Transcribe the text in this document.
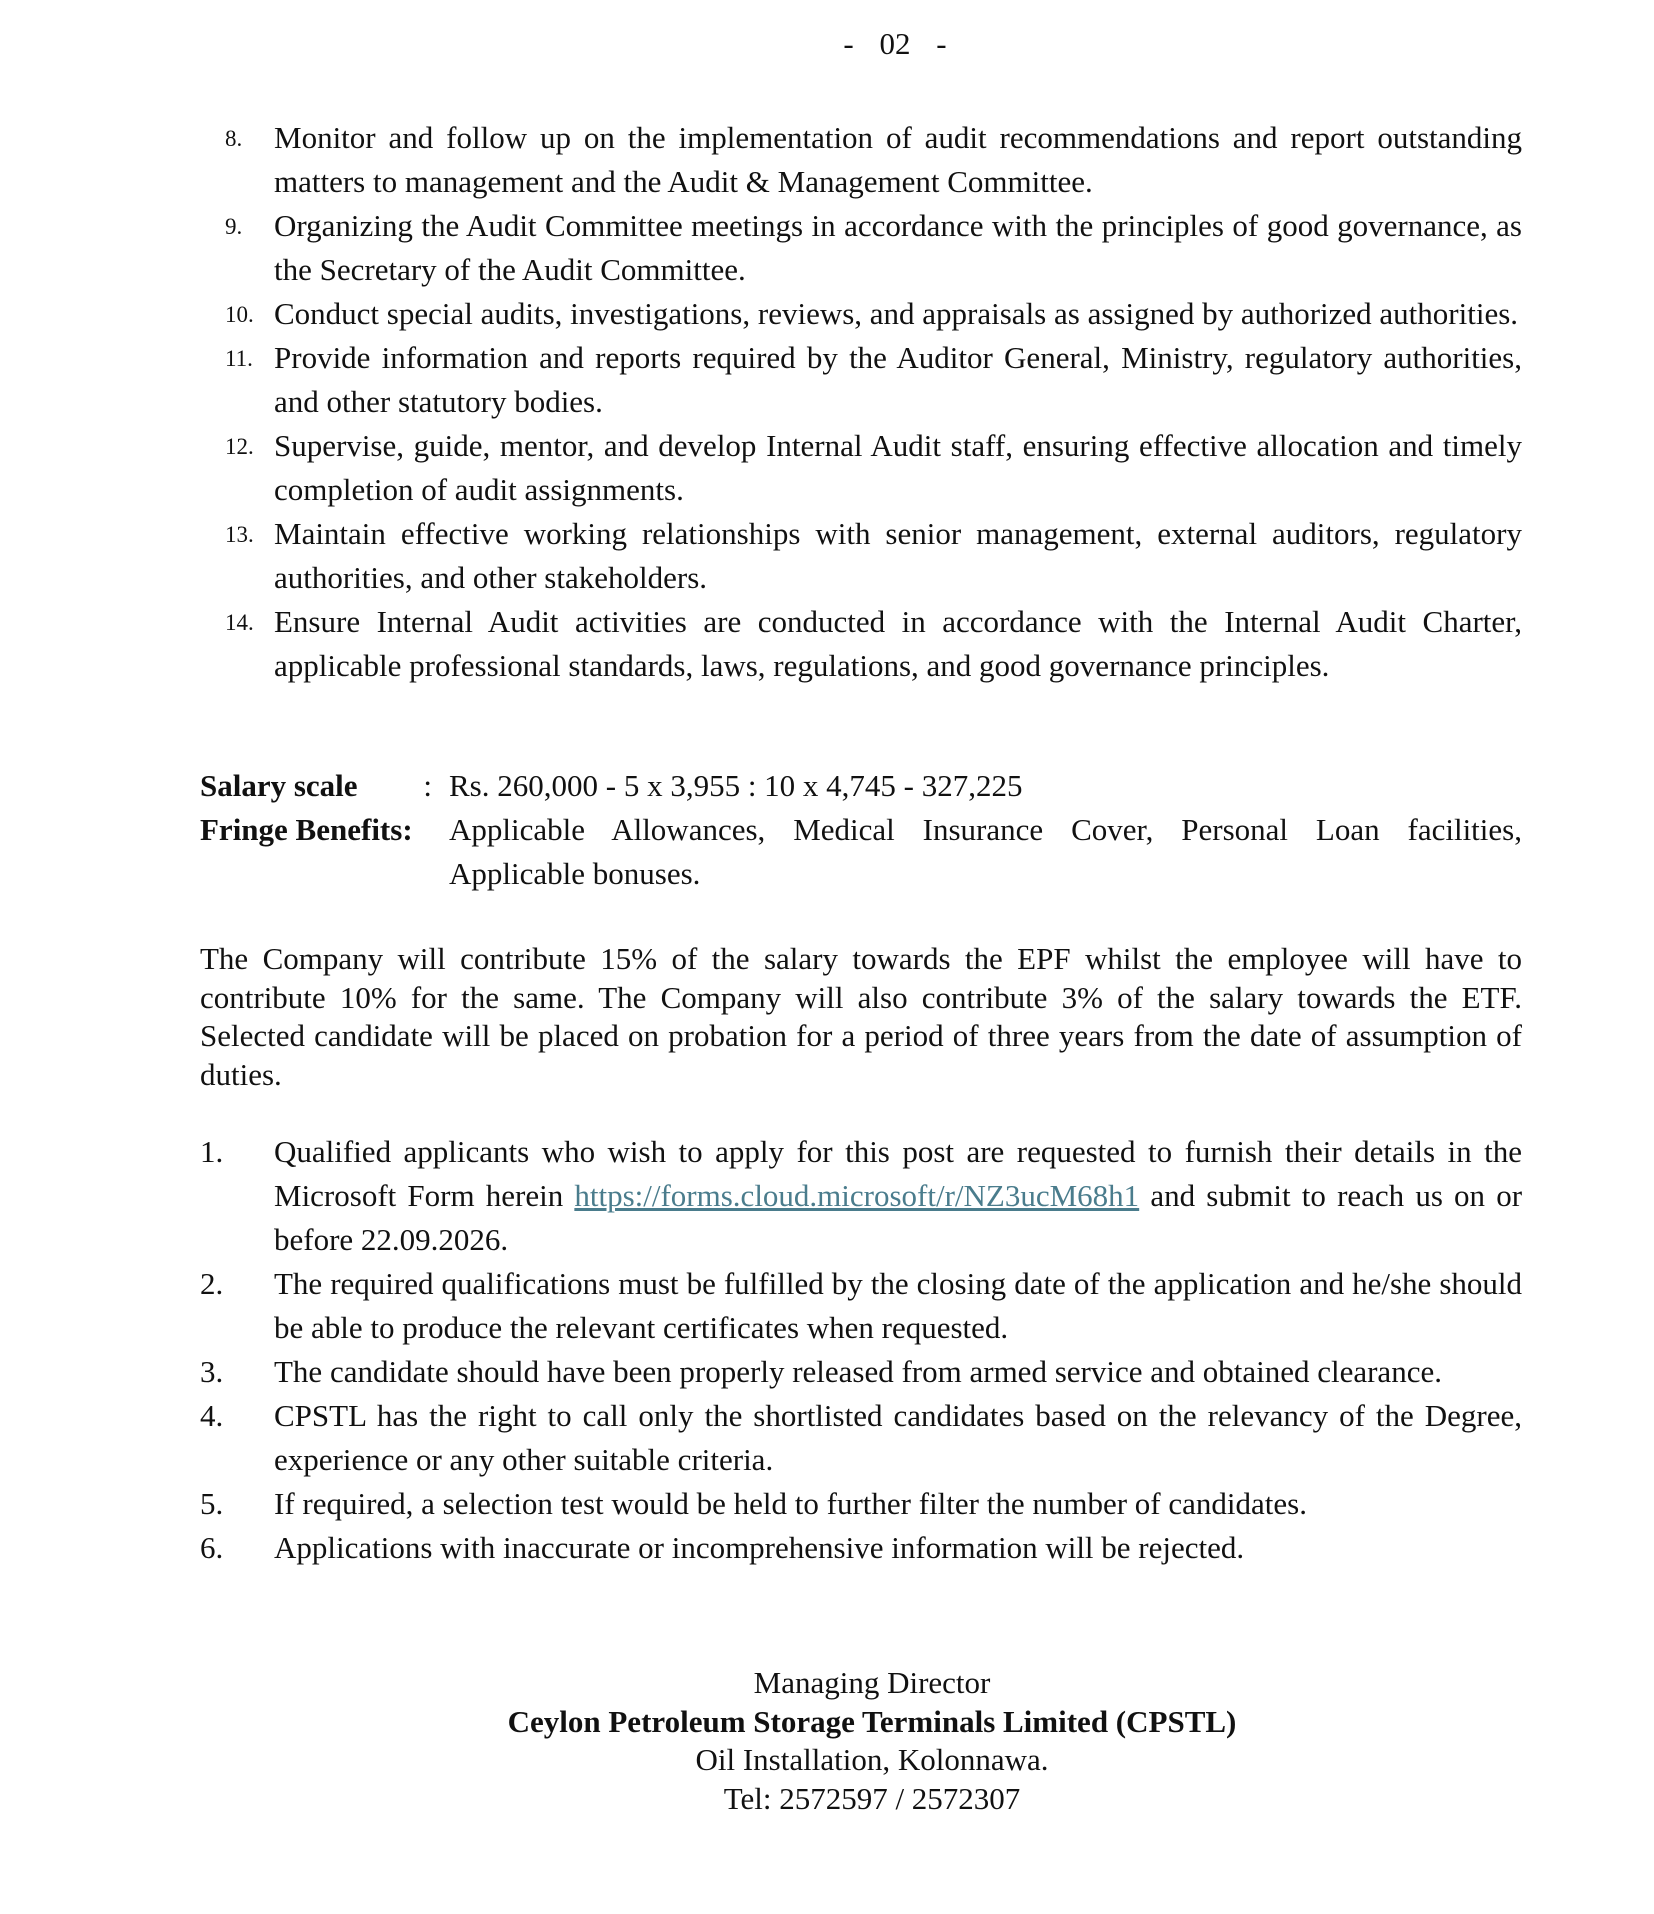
- 02 -
8. Monitor and follow up on the implementation of audit recommendations and report outstanding matters to management and the Audit & Management Committee.
9. Organizing the Audit Committee meetings in accordance with the principles of good governance, as the Secretary of the Audit Committee.
10. Conduct special audits, investigations, reviews, and appraisals as assigned by authorized authorities.
11. Provide information and reports required by the Auditor General, Ministry, regulatory authorities, and other statutory bodies.
12. Supervise, guide, mentor, and develop Internal Audit staff, ensuring effective allocation and timely completion of audit assignments.
13. Maintain effective working relationships with senior management, external auditors, regulatory authorities, and other stakeholders.
14. Ensure Internal Audit activities are conducted in accordance with the Internal Audit Charter, applicable professional standards, laws, regulations, and good governance principles.
Salary scale : Rs. 260,000 - 5 x 3,955 : 10 x 4,745 - 327,225
Fringe Benefits:	Applicable Allowances, Medical Insurance Cover, Personal Loan facilities, Applicable bonuses.

The Company will contribute 15% of the salary towards the EPF whilst the employee will have to contribute 10% for the same. The Company will also contribute 3% of the salary towards the ETF. Selected candidate will be placed on probation for a period of three years from the date of assumption of duties.

1. Qualified applicants who wish to apply for this post are requested to furnish their details in the Microsoft Form herein https://forms.cloud.microsoft/r/NZ3ucM68h1 and submit to reach us on or before 22.09.2026.
2. The required qualifications must be fulfilled by the closing date of the application and he/she should be able to produce the relevant certificates when requested.
3. The candidate should have been properly released from armed service and obtained clearance.
4. CPSTL has the right to call only the shortlisted candidates based on the relevancy of the Degree, experience or any other suitable criteria.
5. If required, a selection test would be held to further filter the number of candidates.
6. Applications with inaccurate or incomprehensive information will be rejected.
Managing Director
Ceylon Petroleum Storage Terminals Limited (CPSTL)
Oil Installation, Kolonnawa.
Tel: 2572597 / 2572307
